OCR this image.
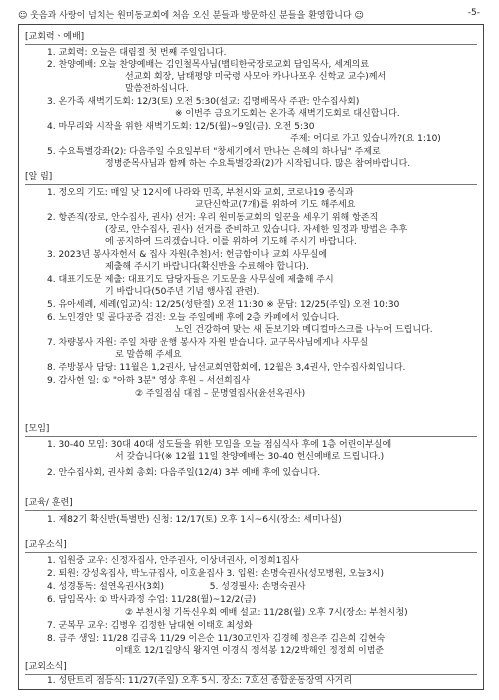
☺ 웃음과 사랑이 넘치는 원미동교회에 처음 오신 분들과 방문하신 분들을 환영합니다 ☺	-5-
[교회력ㆍ예배]
1. 교회력: 오늘은 대림절 첫 번째 주일입니다.
2. 찬양예배: 오늘 찬양예배는 김인철목사님(뱁티한국장로교회 담임목사, 세계의료
선교회 회장, 남태평양 미국령 사모아 카나나포우 신학교 교수)께서
말씀전하십니다.
3. 온가족 새벽기도회: 12/3(토) 오전 5:30(설교: 김명배목사 주관: 안수집사회)
※ 이번주 금요기도회는 온가족 새벽기도회로 대신합니다.
4. 마무리와 시작을 위한 새벽기도회: 12/5(월)~9일(금). 오전 5:30
주제: 어디로 가고 있습니까?(요 1:10)
5. 수요특별강좌(2): 다음주일 수요일부터 "창세기에서 만나는 은혜의 하나님" 주제로
정병준목사님과 함께 하는 수요특별강좌(2)가 시작됩니다. 많은 참여바랍니다.
[알 림]
1. 정오의 기도: 매일 낮 12시에 나라와 민족, 부천시와 교회, 코로나19 종식과
교단신학교(7개)를 위하여 기도 해주세요
2. 항존직(장로, 안수집사, 권사) 선거: 우리 원미동교회의 일꾼을 세우기 위해 항존직
(장로, 안수집사, 권사) 선거를 준비하고 있습니다. 자세한 일정과 방법은 추후
에 공지하여 드리겠습니다. 이를 위하여 기도해 주시기 바랍니다.
3. 2023년 봉사자헌서 & 집사 자원(추천)서: 헌금함이나 교회 사무실에
제출해 주시기 바랍니다(확신반을 수료해야 합니다).
4. 대표기도문 제출: 대표기도 담당자들은 기도문을 사무실에 제출해 주시
기 바랍니다(50주년 기념 행사집 관련).
5. 유아세례, 세례(입교)식: 12/25(성탄절) 오전 11:30 ※ 문답: 12/25(주일) 오전 10:30
6. 노인경안 및 골다공증 검진: 오늘 주일예배 후에 2층 카페에서 있습니다.
노인 건강하여 맞는 새 돋보기와 메디컬마스크를 나누어 드립니다.
7. 차량봉사 자원: 주일 차량 운행 봉사자 자원 받습니다. 교구목사님에게나 사무실
로 말씀해 주세요
8. 주방봉사 담당: 11월은 1,2권사, 남선교회연합회에, 12월은 3,4권사, 안수집사회입니다.
9. 감사헌 일: ① "아하 3분" 영상 후원 – 서선희집사
② 주일점심 대접 – 문명열집사(윤선옥권사)
[모임]
1. 30-40 모임: 30대 40대 성도들을 위한 모임을 오늘 점심식사 후에 1층 어린이부실에
서 갖습니다(※ 12월 11일 찬양예배는 30-40 헌신예배로 드립니다.)
2. 안수집사회, 권사회 총회: 다음주일(12/4) 3부 예배 후에 있습니다.
[교육/ 훈련]
1. 제82기 확신반(특별반) 신청: 12/17(토) 오후 1시~6시(장소: 세미나실)
[교우소식]
1. 입원중 교우: 신정자집사, 안주권사, 이상녀권사, 이정희1집사
2. 퇴원: 강성옥집사, 박노규집사, 이호윤집사 3. 입원: 손명숙권사(성모병원, 오늘3시)
4. 성경통독: 설연옥권사(3회)                5. 성경필사: 손명숙권사
6. 담임목사: ① 박사과정 수업: 11/28(월)~12/2(금)
② 부천시청 기독신우회 예배 설교: 11/28(월) 오후 7시(장소: 부천시청)
7. 군복무 교우: 김병우 김정한 남대현 이태호 최성화
8. 금주 생일: 11/28 김금옥 11/29 이은순 11/30고인자 김경혜 정은주 김은희 김현숙
이태호 12/1길양식 왕지연 이경식 정석봉 12/2박해인 정정희 이범준
[교외소식]
1. 성탄트리 점등식: 11/27(주일) 오후 5시. 장소: 7호선 종합운동장역 사거리
